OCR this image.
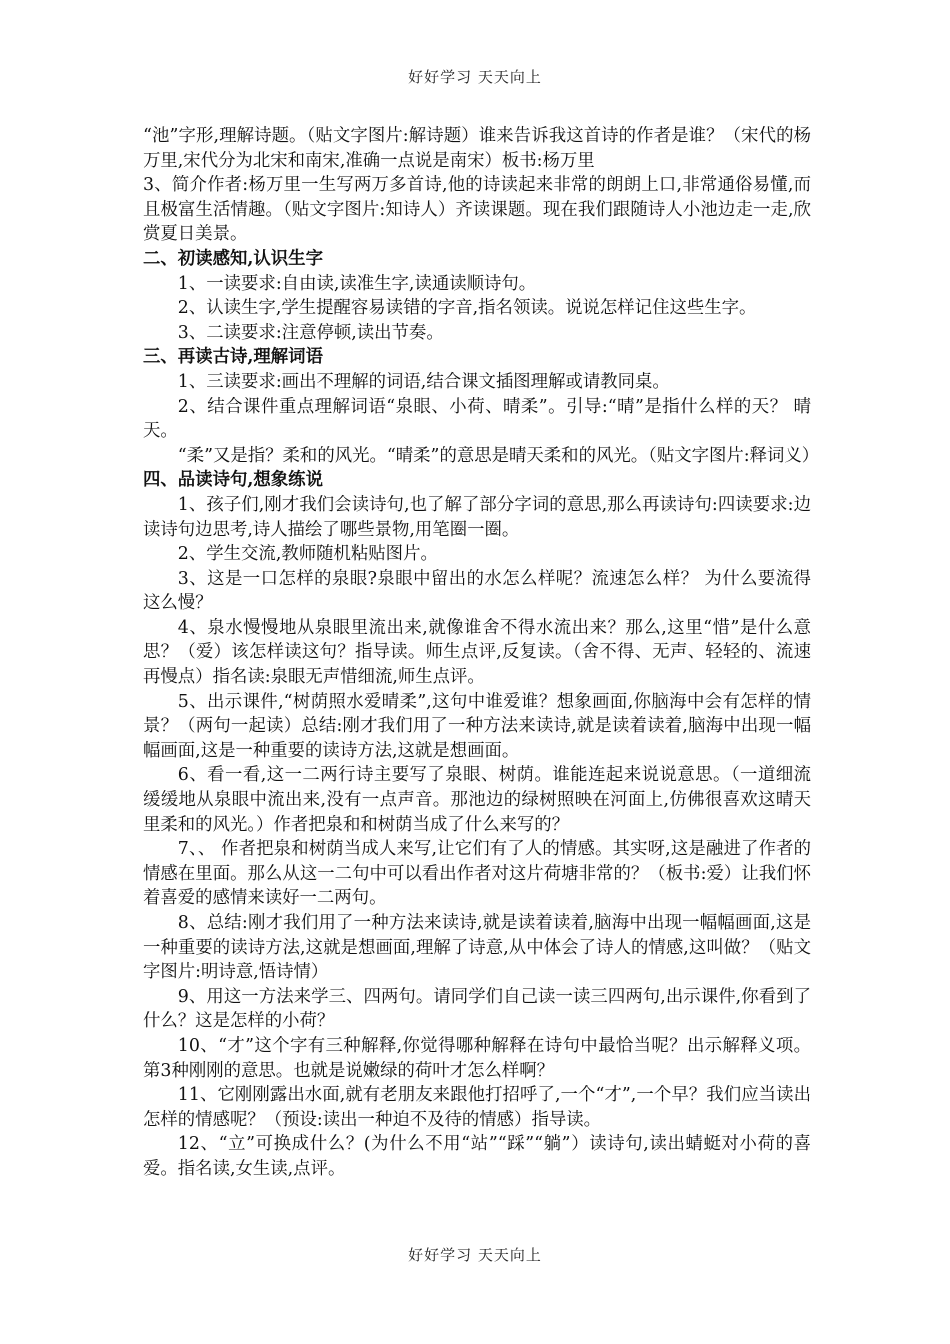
好好学习 天天向上

“池”字形,理解诗题。（贴文字图片:解诗题）谁来告诉我这首诗的作者是谁？（宋代的杨万里,宋代分为北宋和南宋,准确一点说是南宋）板书:杨万里

3、简介作者:杨万里一生写两万多首诗,他的诗读起来非常的朗朗上口,非常通俗易懂,而且极富生活情趣。（贴文字图片:知诗人）齐读课题。现在我们跟随诗人小池边走一走,欣赏夏日美景。

二、初读感知,认识生字

1、一读要求:自由读,读准生字,读通读顺诗句。

2、认读生字,学生提醒容易读错的字音,指名领读。说说怎样记住这些生字。

3、二读要求:注意停顿,读出节奏。

三、再读古诗,理解词语

1、三读要求:画出不理解的词语,结合课文插图理解或请教同桌。

2、结合课件重点理解词语“泉眼、小荷、晴柔”。引导:“晴”是指什么样的天？ 晴天。

“柔”又是指？柔和的风光。“晴柔”的意思是晴天柔和的风光。（贴文字图片:释词义）

四、品读诗句,想象练说

1、孩子们,刚才我们会读诗句,也了解了部分字词的意思,那么再读诗句:四读要求:边读诗句边思考,诗人描绘了哪些景物,用笔圈一圈。

2、学生交流,教师随机粘贴图片。

3、这是一口怎样的泉眼?泉眼中留出的水怎么样呢？流速怎么样？ 为什么要流得这么慢？

4、泉水慢慢地从泉眼里流出来,就像谁舍不得水流出来？那么,这里“惜”是什么意思？（爱）该怎样读这句？指导读。师生点评,反复读。（舍不得、无声、轻轻的、流速再慢点）指名读:泉眼无声惜细流,师生点评。

5、出示课件,“树荫照水爱晴柔”,这句中谁爱谁？想象画面,你脑海中会有怎样的情景？（两句一起读）总结:刚才我们用了一种方法来读诗,就是读着读着,脑海中出现一幅幅画面,这是一种重要的读诗方法,这就是想画面。

6、看一看,这一二两行诗主要写了泉眼、树荫。谁能连起来说说意思。（一道细流缓缓地从泉眼中流出来,没有一点声音。那池边的绿树照映在河面上,仿佛很喜欢这晴天里柔和的风光。）作者把泉和和树荫当成了什么来写的？

7、、 作者把泉和树荫当成人来写,让它们有了人的情感。其实呀,这是融进了作者的情感在里面。那么从这一二句中可以看出作者对这片荷塘非常的？（板书:爱）让我们怀着喜爱的感情来读好一二两句。

8、总结:刚才我们用了一种方法来读诗,就是读着读着,脑海中出现一幅幅画面,这是一种重要的读诗方法,这就是想画面,理解了诗意,从中体会了诗人的情感,这叫做？（贴文字图片:明诗意,悟诗情）

9、用这一方法来学三、四两句。请同学们自己读一读三四两句,出示课件,你看到了什么？这是怎样的小荷？

10、“才”这个字有三种解释,你觉得哪种解释在诗句中最恰当呢？出示解释义项。第3种刚刚的意思。也就是说嫩绿的荷叶才怎么样啊？

11、它刚刚露出水面,就有老朋友来跟他打招呼了,一个“才”,一个早？我们应当读出怎样的情感呢？（预设:读出一种迫不及待的情感）指导读。

12、“立”可换成什么？(为什么不用“站”“踩”“躺”）读诗句,读出蜻蜓对小荷的喜爱。指名读,女生读,点评。

好好学习 天天向上
